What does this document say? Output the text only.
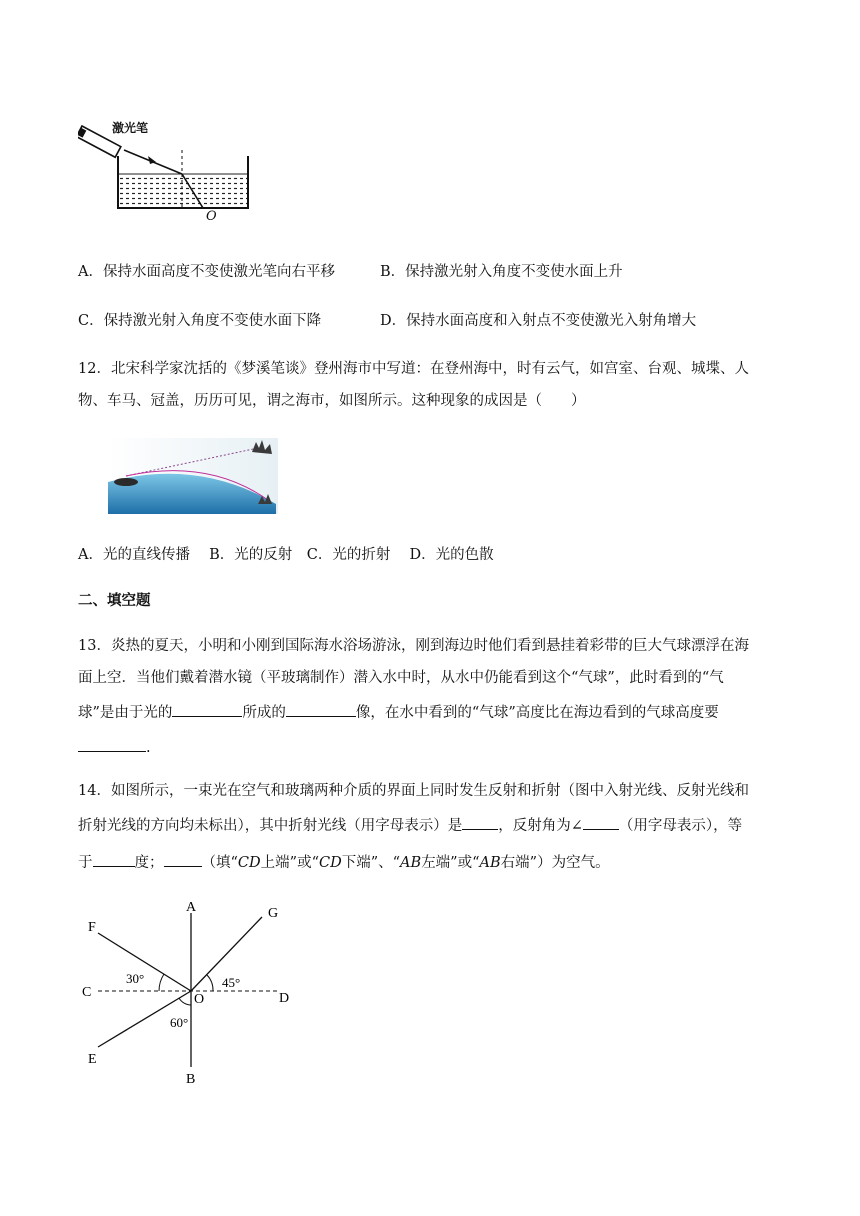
激光笔
O
A．保持水面高度不变使激光笔向右平移	B．保持激光射入角度不变使水面上升
C．保持激光射入角度不变使水面下降	D．保持水面高度和入射点不变使激光入射角增大
12．北宋科学家沈括的《梦溪笔谈》登州海市中写道：在登州海中，时有云气，如宫室、台观、城堞、人
物、车马、冠盖，历历可见，谓之海市，如图所示。这种现象的成因是（　　）
A．光的直线传播　 B．光的反射　C．光的折射　 D．光的色散
二、填空题
13．炎热的夏天，小明和小刚到国际海水浴场游泳，刚到海边时他们看到悬挂着彩带的巨大气球漂浮在海
面上空．当他们戴着潜水镜（平玻璃制作）潜入水中时，从水中仍能看到这个“气球”，此时看到的“气
球”是由于光的	所成的	像，在水中看到的“气球”高度比在海边看到的气球高度要
.
14．如图所示，一束光在空气和玻璃两种介质的界面上同时发生反射和折射（图中入射光线、反射光线和
折射光线的方向均未标出），其中折射光线（用字母表示）是 ，反射角为∠ （用字母表示），等
于	度；	（填“CD上端”或“CD下端”、“AB左端”或“AB右端”）为空气。
A
B
C	D
E
F
G
O
30°	45°
60°
